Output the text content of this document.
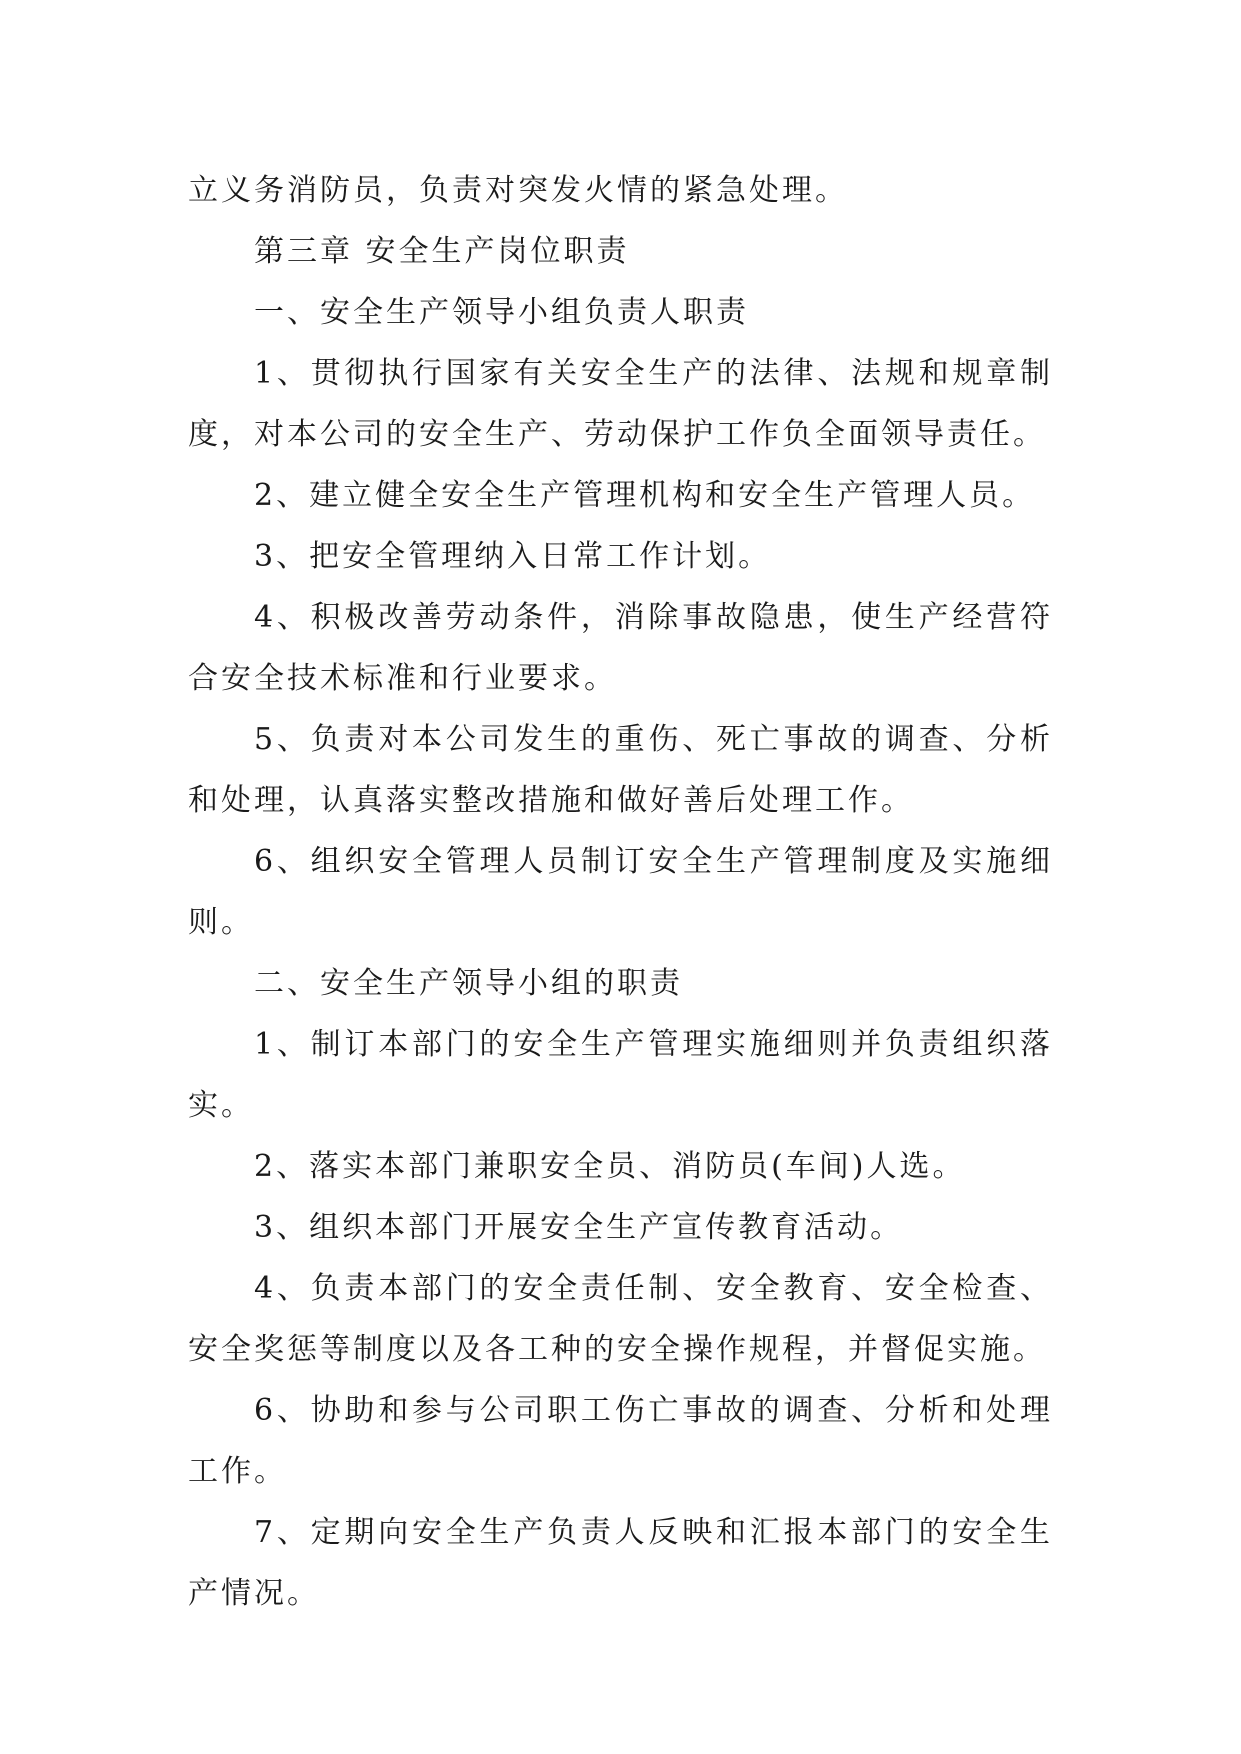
立义务消防员，负责对突发火情的紧急处理。

第三章 安全生产岗位职责

一、安全生产领导小组负责人职责

1、贯彻执行国家有关安全生产的法律、法规和规章制度，对本公司的安全生产、劳动保护工作负全面领导责任。

2、建立健全安全生产管理机构和安全生产管理人员。

3、把安全管理纳入日常工作计划。

4、积极改善劳动条件，消除事故隐患，使生产经营符合安全技术标准和行业要求。

5、负责对本公司发生的重伤、死亡事故的调查、分析和处理，认真落实整改措施和做好善后处理工作。

6、组织安全管理人员制订安全生产管理制度及实施细则。

二、安全生产领导小组的职责

1、制订本部门的安全生产管理实施细则并负责组织落实。

2、落实本部门兼职安全员、消防员(车间)人选。

3、组织本部门开展安全生产宣传教育活动。

4、负责本部门的安全责任制、安全教育、安全检查、安全奖惩等制度以及各工种的安全操作规程，并督促实施。

6、协助和参与公司职工伤亡事故的调查、分析和处理工作。

7、定期向安全生产负责人反映和汇报本部门的安全生产情况。
